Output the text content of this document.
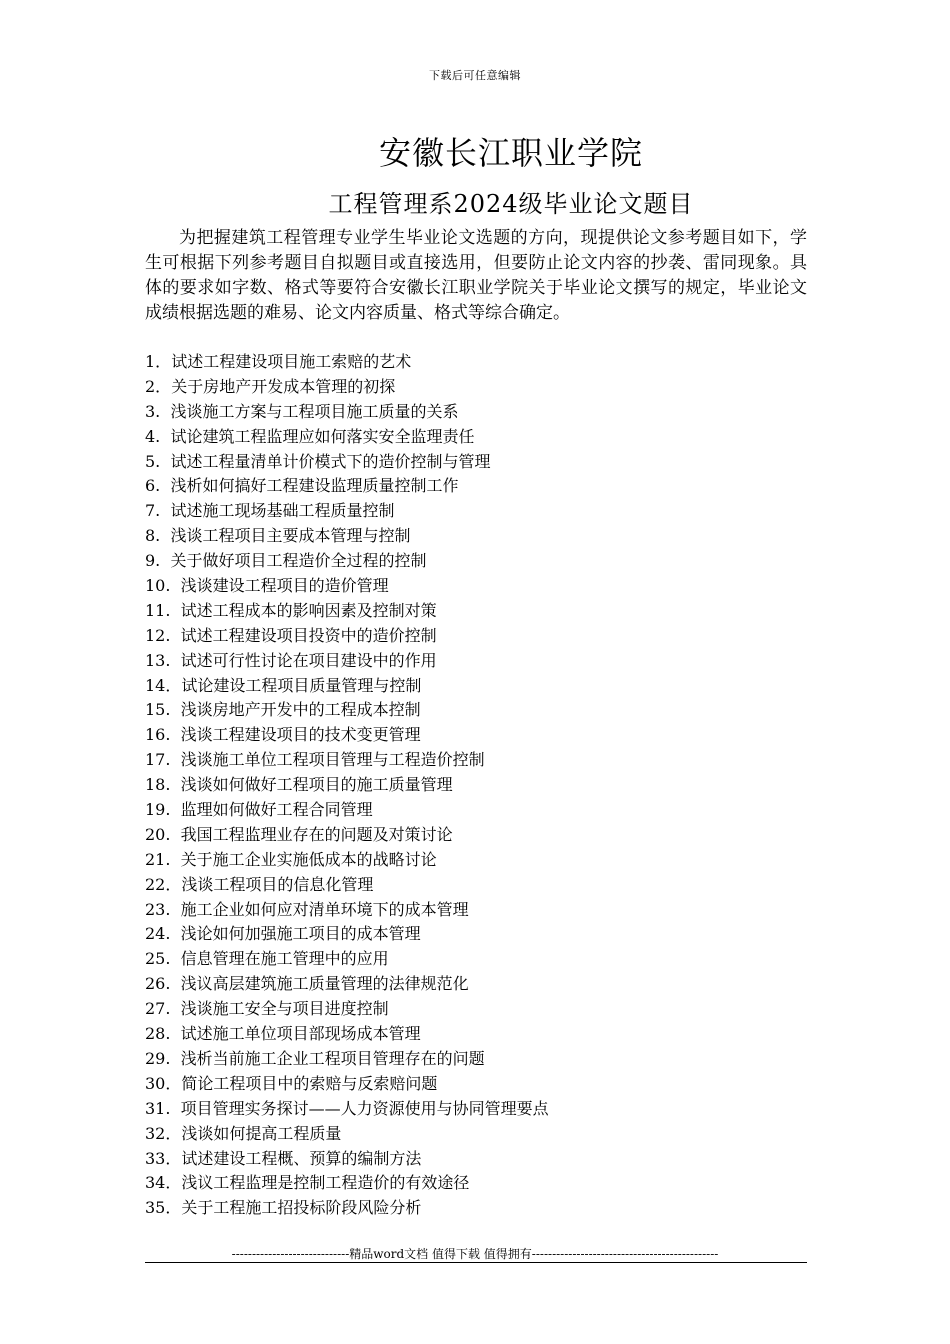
下载后可任意编辑
安徽长江职业学院
工程管理系2024级毕业论文题目

为把握建筑工程管理专业学生毕业论文选题的方向，现提供论文参考题目如下，学生可根据下列参考题目自拟题目或直接选用，但要防止论文内容的抄袭、雷同现象。具体的要求如字数、格式等要符合安徽长江职业学院关于毕业论文撰写的规定，毕业论文成绩根据选题的难易、论文内容质量、格式等综合确定。

1．试述工程建设项目施工索赔的艺术
2．关于房地产开发成本管理的初探
3.  浅谈施工方案与工程项目施工质量的关系
4.  试论建筑工程监理应如何落实安全监理责任
5.  试述工程量清单计价模式下的造价控制与管理
6.  浅析如何搞好工程建设监理质量控制工作
7.  试述施工现场基础工程质量控制
8.  浅谈工程项目主要成本管理与控制
9.  关于做好项目工程造价全过程的控制
10.  浅谈建设工程项目的造价管理
11.  试述工程成本的影响因素及控制对策
12.  试述工程建设项目投资中的造价控制
13.  试述可行性讨论在项目建设中的作用
14．试论建设工程项目质量管理与控制
15.  浅谈房地产开发中的工程成本控制
16.  浅谈工程建设项目的技术变更管理
17.  浅谈施工单位工程项目管理与工程造价控制
18.  浅谈如何做好工程项目的施工质量管理
19.  监理如何做好工程合同管理
20.  我国工程监理业存在的问题及对策讨论
21.  关于施工企业实施低成本的战略讨论
22．浅谈工程项目的信息化管理
23.  施工企业如何应对清单环境下的成本管理
24.  浅论如何加强施工项目的成本管理
25.  信息管理在施工管理中的应用
26.  浅议高层建筑施工质量管理的法律规范化
27.  浅谈施工安全与项目进度控制
28.  试述施工单位项目部现场成本管理
29.  浅析当前施工企业工程项目管理存在的问题
30．简论工程项目中的索赔与反索赔问题
31.  项目管理实务探讨——人力资源使用与协同管理要点
32．浅谈如何提高工程质量
33．试述建设工程概、预算的编制方法
34．浅议工程监理是控制工程造价的有效途径
35．关于工程施工招投标阶段风险分析
-----------------------------精品word文档 值得下载 值得拥有----------------------------------------------
